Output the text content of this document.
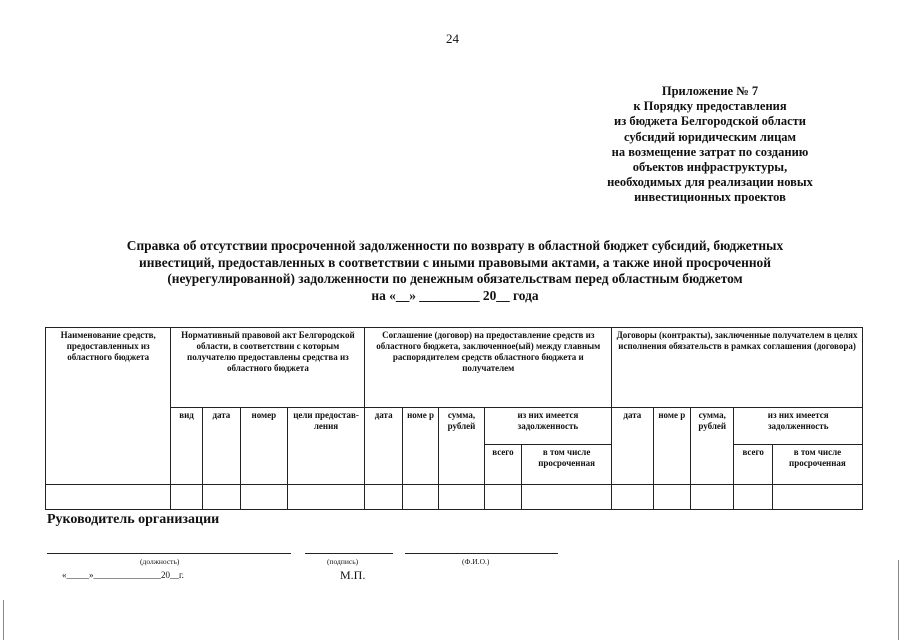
24
Приложение № 7
к Порядку предоставления
из бюджета Белгородской области
субсидий юридическим лицам
на возмещение затрат по созданию
объектов инфраструктуры,
необходимых для реализации новых
инвестиционных проектов
Справка об отсутствии просроченной задолженности по возврату в областной бюджет субсидий, бюджетных
инвестиций, предоставленных в соответствии с иными правовыми актами, а также иной просроченной
(неурегулированной) задолженности по денежным обязательствам перед областным бюджетом
на «__» _________ 20__ года
Наименование средств, предоставленных из областного бюджета	Нормативный правовой акт Белгородской области, в соответствии с которым получателю предоставлены средства из областного бюджета				Соглашение (договор) на предоставление средств из областного бюджета, заключенное(ый) между главным распорядителем средств областного бюджета и получателем					Договоры (контракты), заключенные получателем в целях исполнения обязательств в рамках соглашения (договора)				
	вид	дата	номер	цели предостав-ления	дата	номе р	сумма, рублей	из них имеется задолженность		дата	номе р	сумма, рублей	из них имеется задолженность	
								всего	в том числе просроченная				всего	в том числе просроченная

Руководитель организации
(должность)	(подпись)	(Ф.И.О.)
«_____»_______________20__г.	М.П.
